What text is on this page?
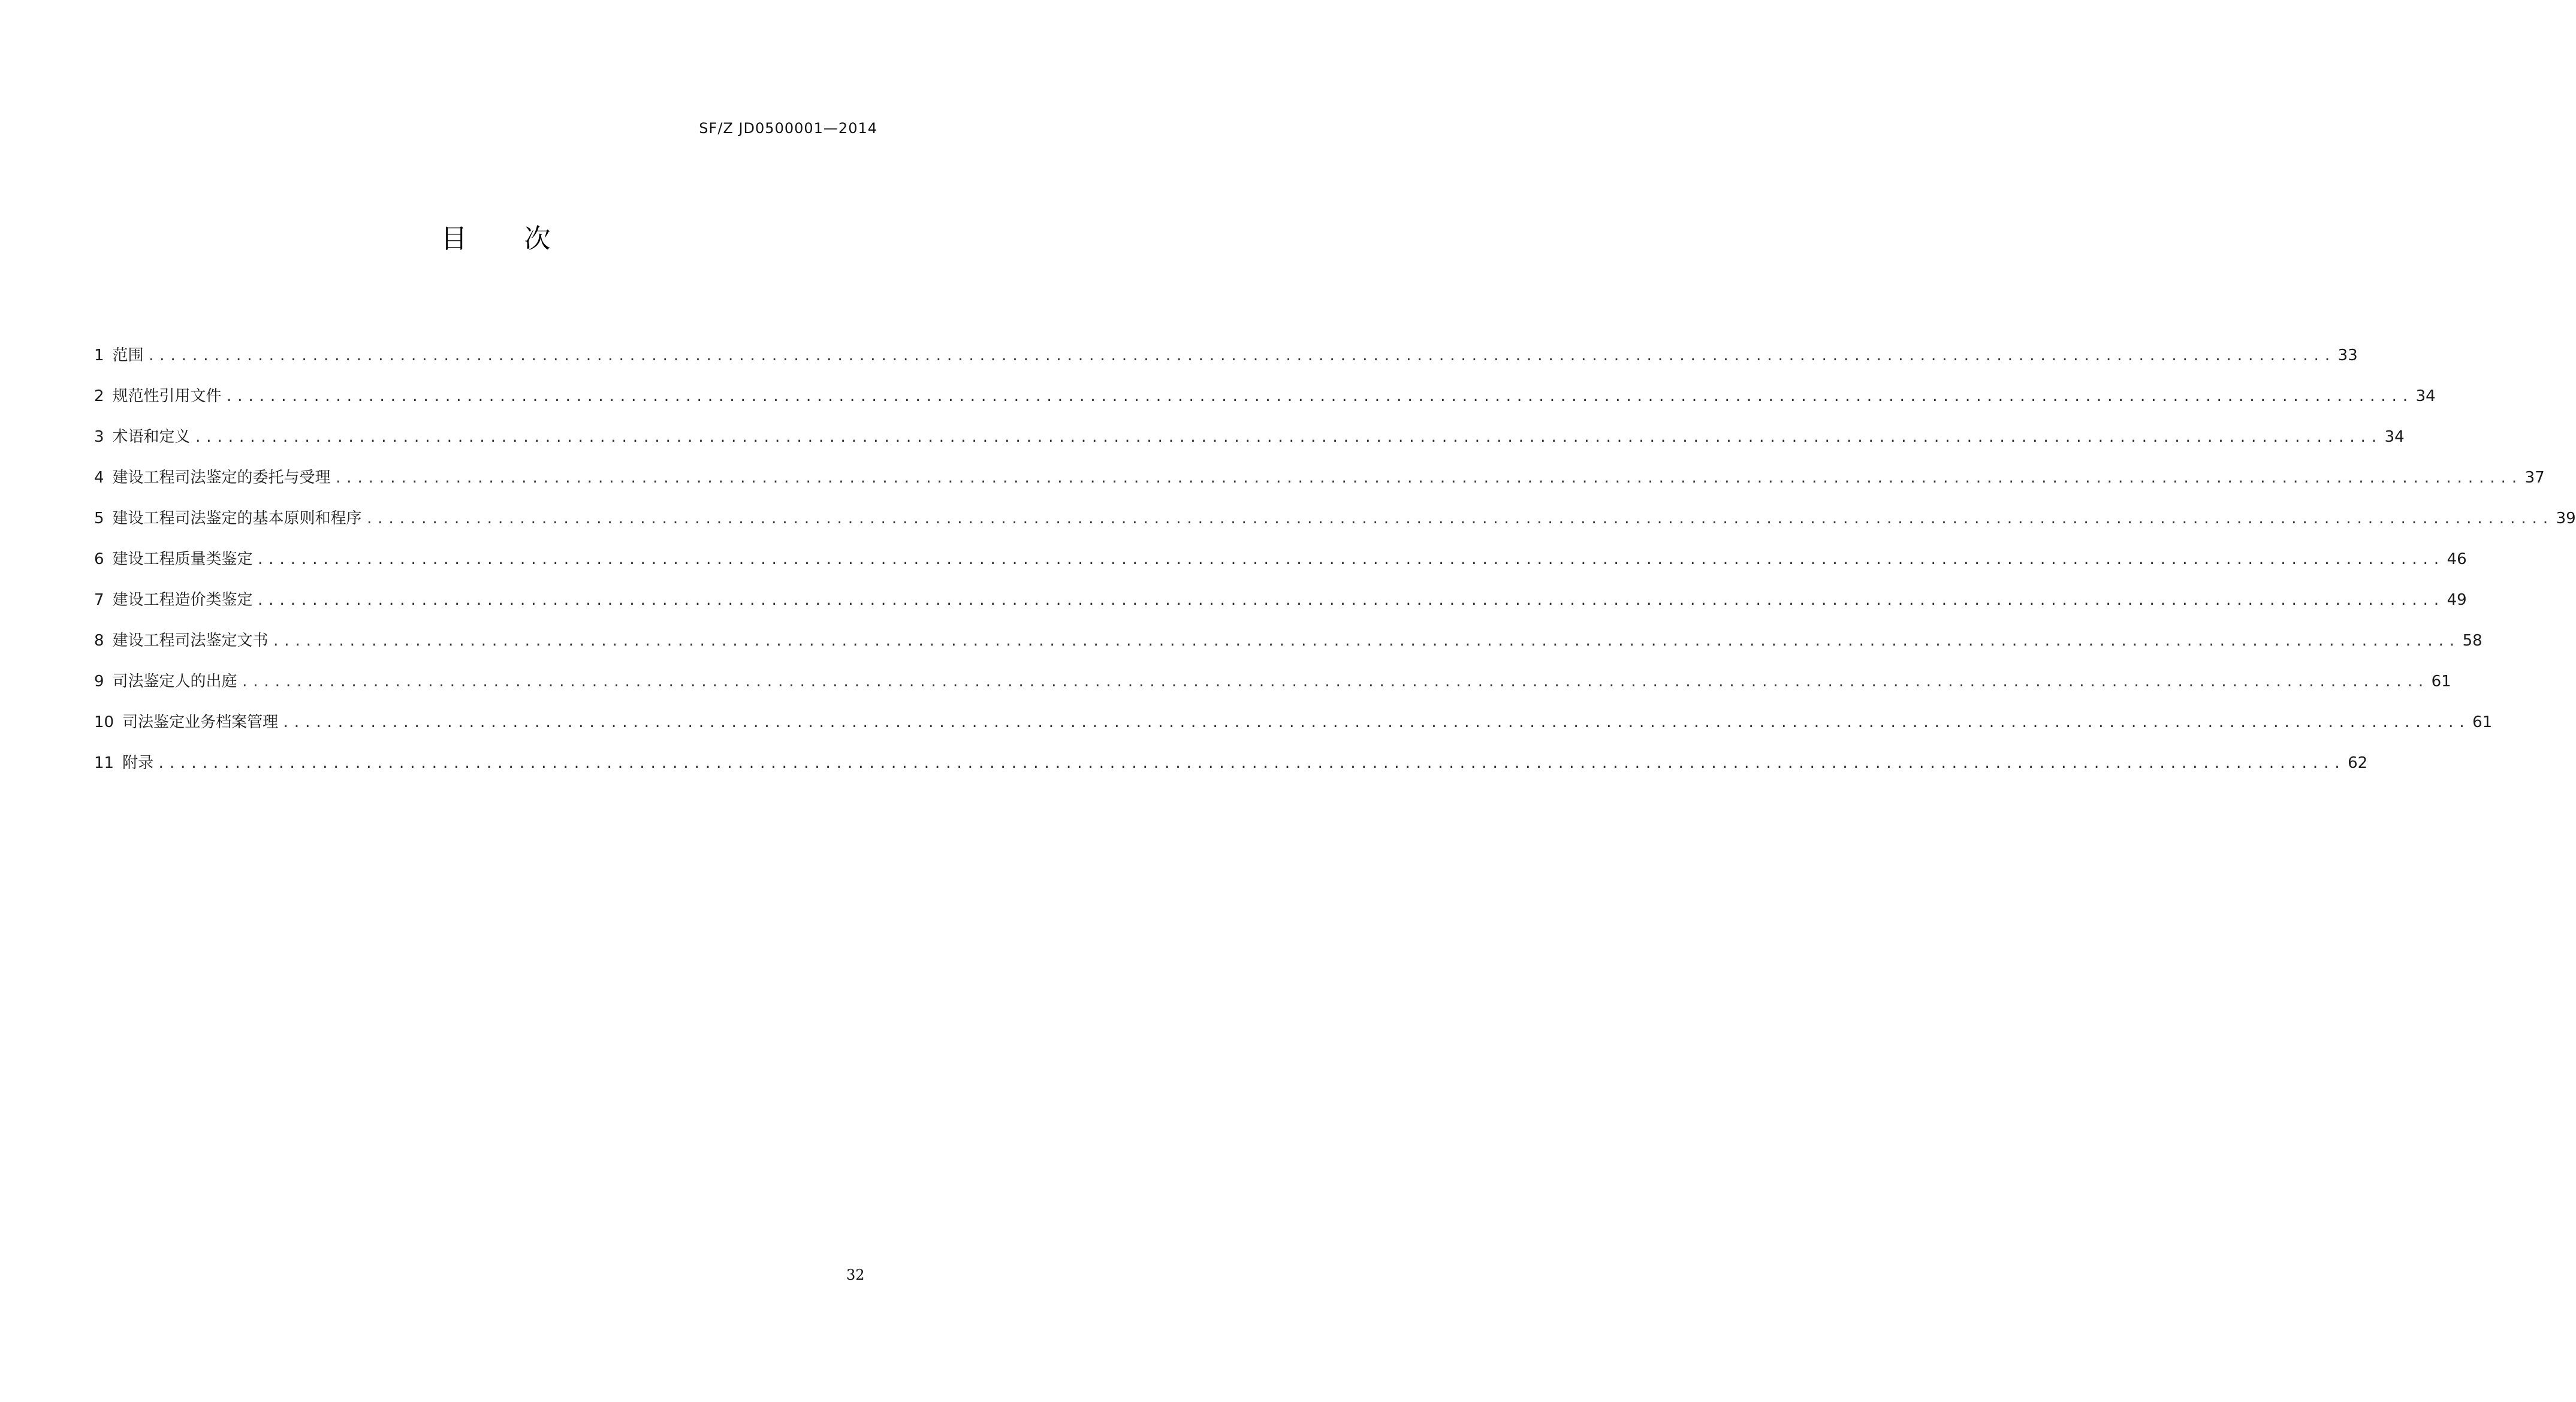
SF/Z JD0500001—2014
目 次
1 范围 ........................................................................................................................................................................................................ 33
2 规范性引用文件 ........................................................................................................................................................................................................ 34
3 术语和定义 ........................................................................................................................................................................................................ 34
4 建设工程司法鉴定的委托与受理 ........................................................................................................................................................................................................ 37
5 建设工程司法鉴定的基本原则和程序 ........................................................................................................................................................................................................ 39
6 建设工程质量类鉴定 ........................................................................................................................................................................................................ 46
7 建设工程造价类鉴定 ........................................................................................................................................................................................................ 49
8 建设工程司法鉴定文书 ........................................................................................................................................................................................................ 58
9 司法鉴定人的出庭 ........................................................................................................................................................................................................ 61
10 司法鉴定业务档案管理 ........................................................................................................................................................................................................ 61
11 附录 ........................................................................................................................................................................................................ 62
32
